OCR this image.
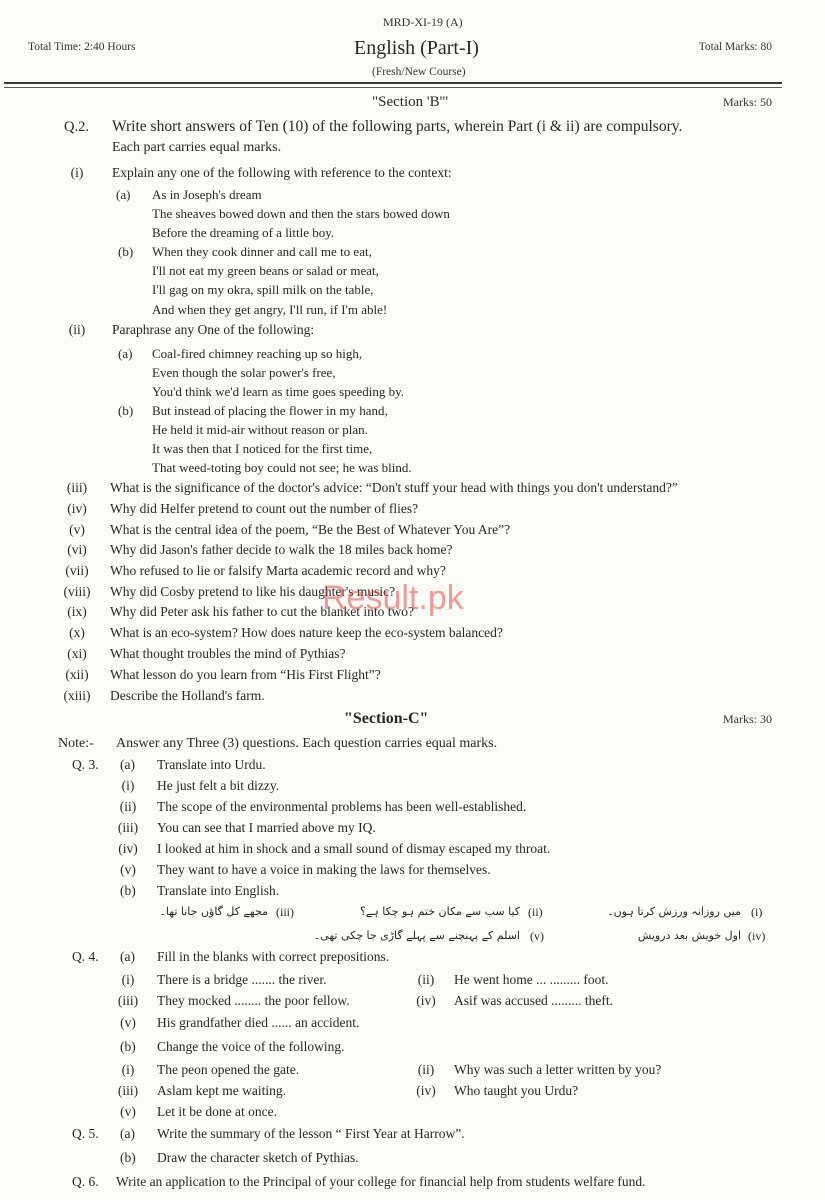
MRD-XI-19 (A)
Total Time: 2:40 Hours	English (Part-I)	Total Marks: 80
(Fresh/New Course)
"Section 'B'"	Marks: 50
Q.2. Write short answers of Ten (10) of the following parts, wherein Part (i & ii) are compulsory.
Each part carries equal marks.
(i)	Explain any one of the following with reference to the context:
(a) As in Joseph's dream
The sheaves bowed down and then the stars bowed down
Before the dreaming of a little boy.
(b) When they cook dinner and call me to eat,
I'll not eat my green beans or salad or meat,
I'll gag on my okra, spill milk on the table,
And when they get angry, I'll run, if I'm able!
(ii)	Paraphrase any One of the following:
(a) Coal-fired chimney reaching up so high,
Even though the solar power's free,
You'd think we'd learn as time goes speeding by.
(b) But instead of placing the flower in my hand,
He held it mid-air without reason or plan.
It was then that I noticed for the first time,
That weed-toting boy could not see; he was blind.
(iii)	What is the significance of the doctor's advice: “Don't stuff your head with things you don't understand?”
(iv)	Why did Helfer pretend to count out the number of flies?
(v)	What is the central idea of the poem, “Be the Best of Whatever You Are”?
(vi)	Why did Jason's father decide to walk the 18 miles back home?
(vii)	Who refused to lie or falsify Marta academic record and why?
(viii)	Why did Cosby pretend to like his daughter's music?
(ix)	Why did Peter ask his father to cut the blanket into two?
(x)	What is an eco-system? How does nature keep the eco-system balanced?
(xi)	What thought troubles the mind of Pythias?
(xii)	What lesson do you learn from “His First Flight”?
(xiii)	Describe the Holland's farm.
Result.pk
"Section-C"	Marks: 30
Note:- Answer any Three (3) questions. Each question carries equal marks.
Q. 3. (a) Translate into Urdu.
(i)	He just felt a bit dizzy.
(ii)	The scope of the environmental problems has been well-established.
(iii)	You can see that I married above my IQ.
(iv)	I looked at him in shock and a small sound of dismay escaped my throat.
(v)	They want to have a voice in making the laws for themselves.
(b) Translate into English.
(i)
میں روزانہ ورزش کرتا ہوں۔
(ii)
کیا سب سے مکان ختم ہو چکا ہے؟
(iii)
مجھے کل گاؤں جانا تھا۔
(iv)
اول خویش بعد درویش
(v)
اسلم کے پہنچنے سے پہلے گاڑی جا چکی تھی۔
Q. 4. (a) Fill in the blanks with correct prepositions.
(i)	There is a bridge ....... the river.	(ii)	He went home ... ......... foot.
(iii)	They mocked ........ the poor fellow.	(iv)	Asif was accused ......... theft.
(v)	His grandfather died ...... an accident.
(b) Change the voice of the following.
(i)	The peon opened the gate.	(ii)	Why was such a letter written by you?
(iii)	Aslam kept me waiting.	(iv)	Who taught you Urdu?
(v)	Let it be done at once.
Q. 5. (a) Write the summary of the lesson “ First Year at Harrow”.
(b) Draw the character sketch of Pythias.
Q. 6. Write an application to the Principal of your college for financial help from students welfare fund.
